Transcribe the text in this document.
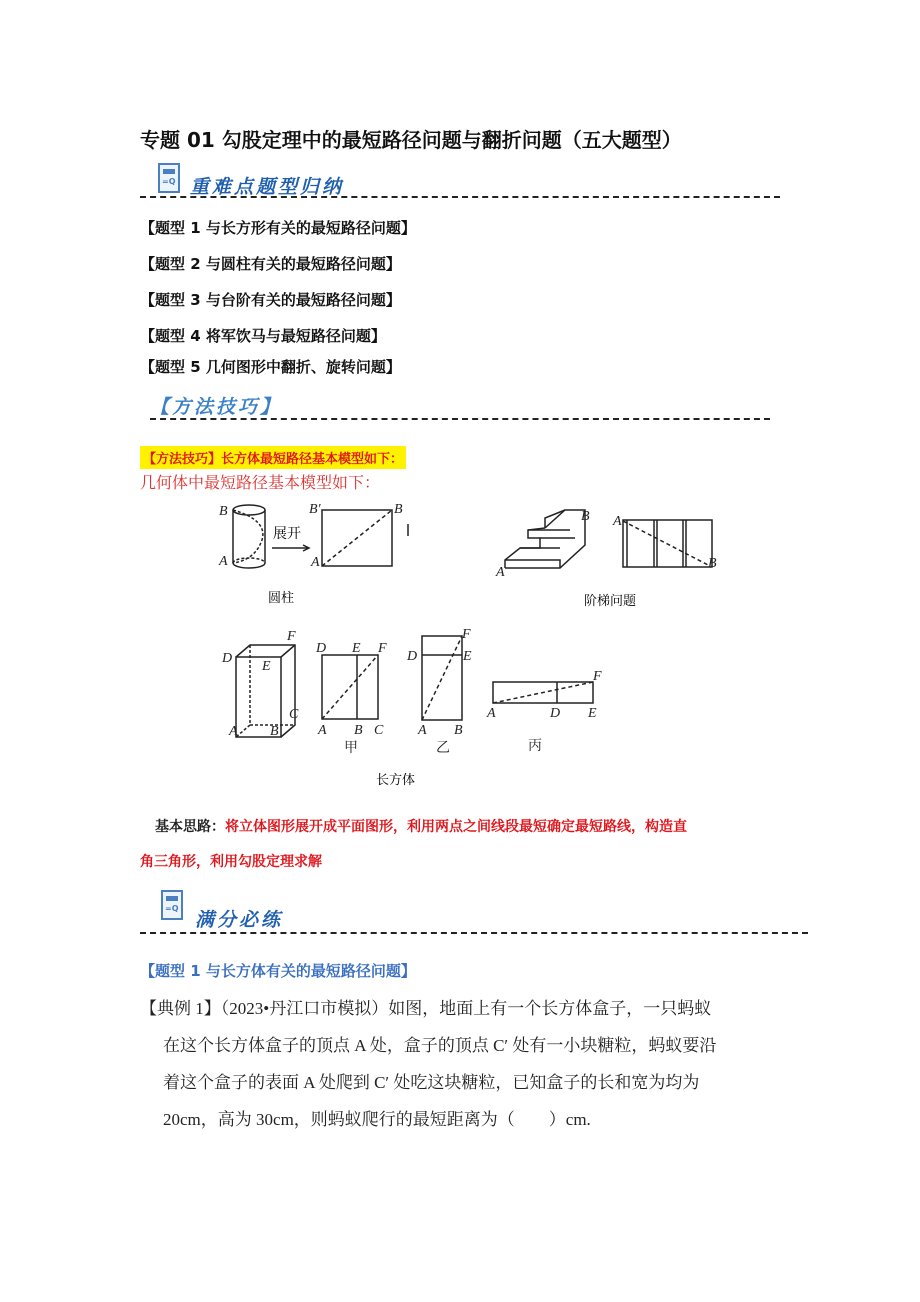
专题 01 勾股定理中的最短路径问题与翻折问题（五大题型）
=Q
重难点题型归纳
【题型 1 与长方形有关的最短路径问题】
【题型 2 与圆柱有关的最短路径问题】
【题型 3 与台阶有关的最短路径问题】
【题型 4 将军饮马与最短路径问题】
【题型 5 几何图形中翻折、旋转问题】
【方法技巧】
【方法技巧】长方体最短路径基本模型如下：
几何体中最短路径基本模型如下：
B
A
展开
B′	B
A
圆柱
A
B A
B
阶梯问题
D
E
F
C
A B
D E F
A B C
甲
D	E
F
A B
乙
F
A	D E
丙
长方体
基本思路：将立体图形展开成平面图形，利用两点之间线段最短确定最短路线，构造直
角三角形，利用勾股定理求解
=Q
满分必练
【题型 1 与长方体有关的最短路径问题】
【典例 1】（2023•丹江口市模拟）如图，地面上有一个长方体盒子，一只蚂蚁
在这个长方体盒子的顶点 A 处，盒子的顶点 C′ 处有一小块糖粒，蚂蚁要沿
着这个盒子的表面 A 处爬到 C′ 处吃这块糖粒，已知盒子的长和宽为均为
20cm，高为 30cm，则蚂蚁爬行的最短距离为（　　）cm.
